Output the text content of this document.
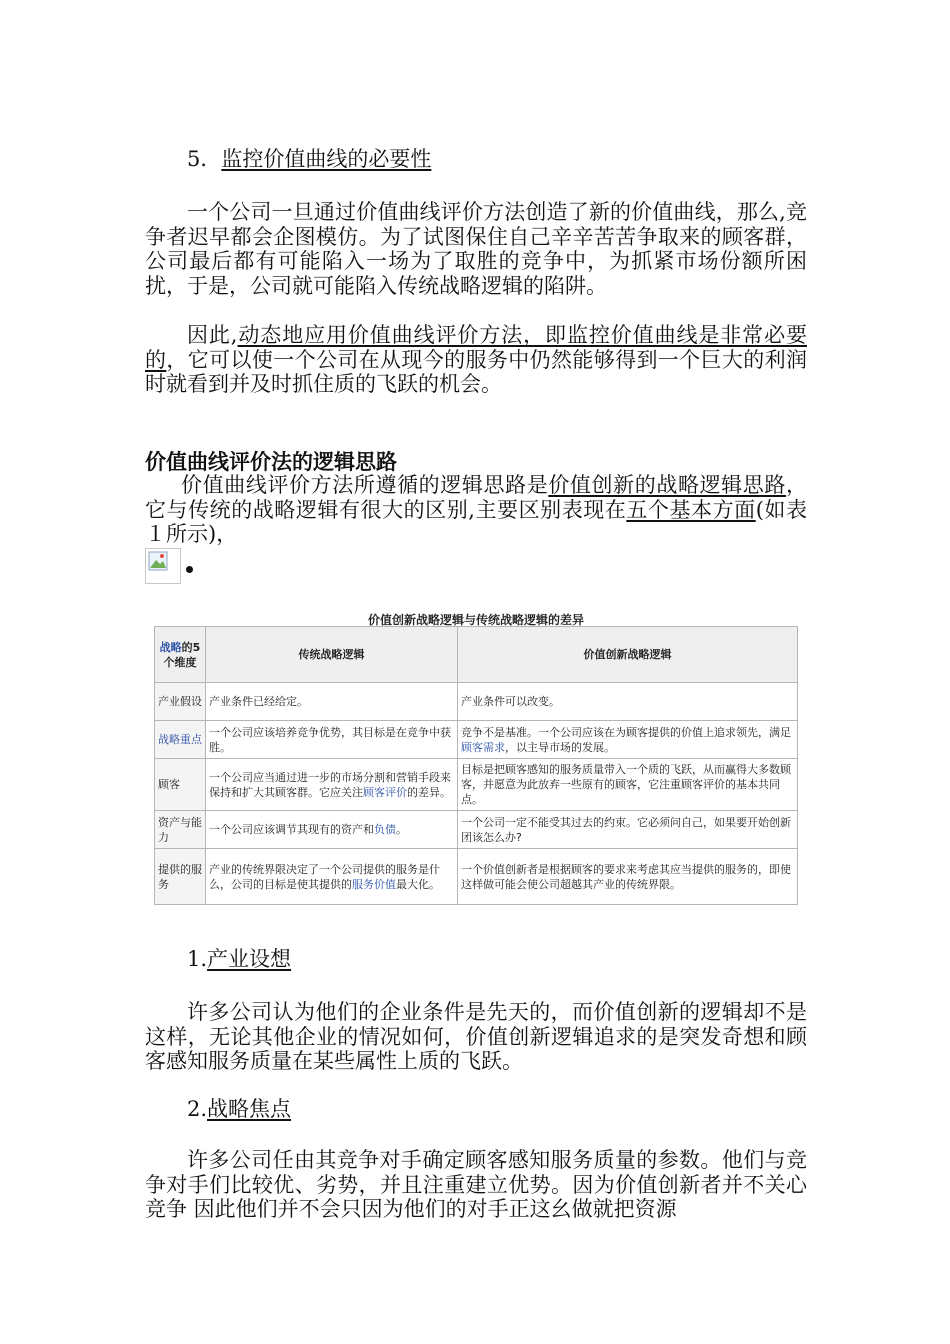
5．监控价值曲线的必要性

一个公司一旦通过价值曲线评价方法创造了新的价值曲线，那么,竞争者迟早都会企图模仿。为了试图保住自己辛辛苦苦争取来的顾客群，公司最后都有可能陷入一场为了取胜的竞争中，为抓紧市场份额所困扰，于是，公司就可能陷入传统战略逻辑的陷阱。

因此,动态地应用价值曲线评价方法，即监控价值曲线是非常必要的，它可以使一个公司在从现今的服务中仍然能够得到一个巨大的利润时就看到并及时抓住质的飞跃的机会。

价值曲线评价法的逻辑思路

价值曲线评价方法所遵循的逻辑思路是价值创新的战略逻辑思路，它与传统的战略逻辑有很大的区别,主要区别表现在五个基本方面(如表１所示)，

价值创新战略逻辑与传统战略逻辑的差异

战略的5个维度	传统战略逻辑	价值创新战略逻辑
产业假设	产业条件已经给定。	产业条件可以改变。
战略重点	一个公司应该培养竞争优势，其目标是在竞争中获胜。	竞争不是基准。一个公司应该在为顾客提供的价值上追求领先，满足顾客需求，以主导市场的发展。
顾客	一个公司应当通过进一步的市场分割和营销手段来保持和扩大其顾客群。它应关注顾客评价的差异。	目标是把顾客感知的服务质量带入一个质的飞跃，从而赢得大多数顾客，并愿意为此放弃一些原有的顾客，它注重顾客评价的基本共同点。
资产与能力	一个公司应该调节其现有的资产和负债。	一个公司一定不能受其过去的约束。它必须问自己，如果要开始创新团该怎么办?
提供的服务	产业的传统界限决定了一个公司提供的服务是什么，公司的目标是使其提供的服务价值最大化。	一个价值创新者是根据顾客的要求来考虑其应当提供的服务的，即使这样做可能会使公司超越其产业的传统界限。

1.产业设想

许多公司认为他们的企业条件是先天的，而价值创新的逻辑却不是这样，无论其他企业的情况如何，价值创新逻辑追求的是突发奇想和顾客感知服务质量在某些属性上质的飞跃。

2.战略焦点

许多公司任由其竞争对手确定顾客感知服务质量的参数。他们与竞争对手们比较优、劣势，并且注重建立优势。因为价值创新者并不关心竞争 因此他们并不会只因为他们的对手正这幺做就把资源
